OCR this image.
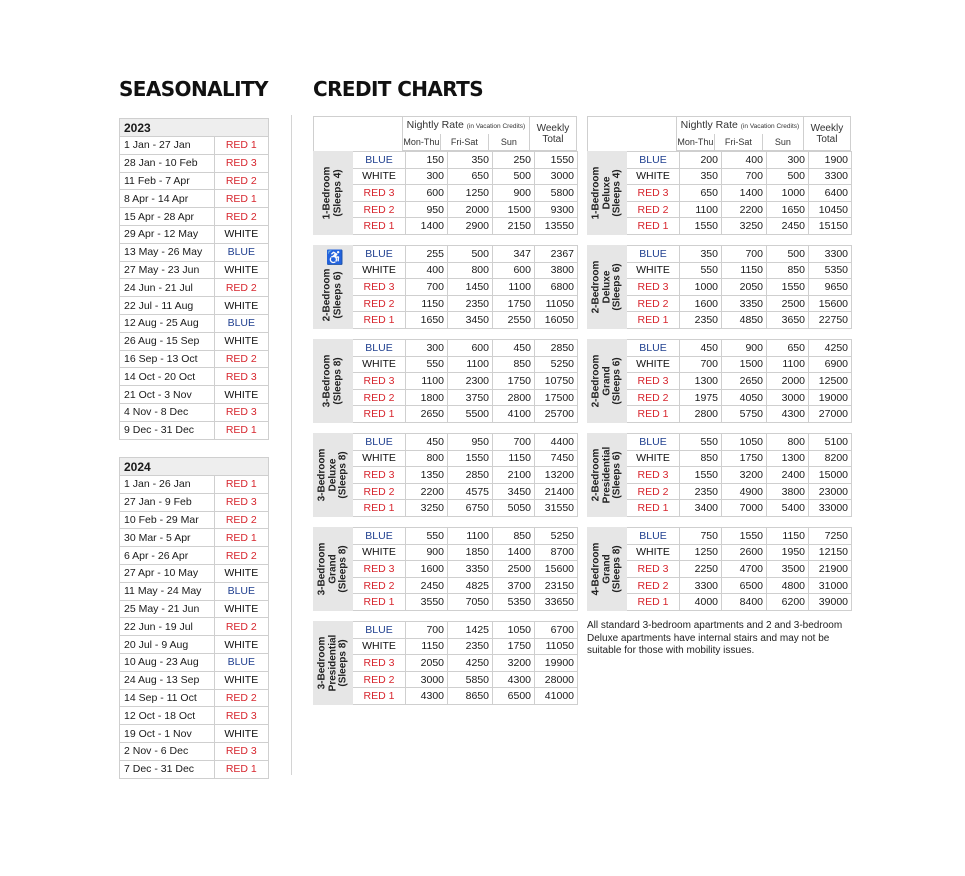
SEASONALITY CREDIT CHARTS
2023	
1 Jan - 27 Jan	RED 1
28 Jan - 10 Feb	RED 3
11 Feb - 7 Apr	RED 2
8 Apr - 14 Apr	RED 1
15 Apr - 28 Apr	RED 2
29 Apr - 12 May	WHITE
13 May - 26 May	BLUE
27 May - 23 Jun	WHITE
24 Jun - 21 Jul	RED 2
22 Jul - 11 Aug	WHITE
12 Aug - 25 Aug	BLUE
26 Aug - 15 Sep	WHITE
16 Sep - 13 Oct	RED 2
14 Oct - 20 Oct	RED 3
21 Oct - 3 Nov	WHITE
4 Nov - 8 Dec	RED 3
9 Dec - 31 Dec	RED 1
2024	
1 Jan - 26 Jan	RED 1
27 Jan - 9 Feb	RED 3
10 Feb - 29 Mar	RED 2
30 Mar - 5 Apr	RED 1
6 Apr - 26 Apr	RED 2
27 Apr - 10 May	WHITE
11 May - 24 May	BLUE
25 May - 21 Jun	WHITE
22 Jun - 19 Jul	RED 2
20 Jul - 9 Aug	WHITE
10 Aug - 23 Aug	BLUE
24 Aug - 13 Sep	WHITE
14 Sep - 11 Oct	RED 2
12 Oct - 18 Oct	RED 3
19 Oct - 1 Nov	WHITE
2 Nov - 6 Dec	RED 3
7 Dec - 31 Dec	RED 1
	Nightly Rate (in Vacation Credits)			Weekly
Total
	Mon-Thu	Fri-Sat	Sun	
	Nightly Rate (in Vacation Credits)			Weekly
Total
	Mon-Thu	Fri-Sat	Sun	
1-Bedroom
(Sleeps 4)	BLUE	150	350	250	1550
	WHITE	300	650	500	3000
	RED 3	600	1250	900	5800
	RED 2	950	2000	1500	9300
	RED 1	1400	2900	2150	13550
♿
2-Bedroom
(Sleeps 6)	BLUE	255	500	347	2367
	WHITE	400	800	600	3800
	RED 3	700	1450	1100	6800
	RED 2	1150	2350	1750	11050
	RED 1	1650	3450	2550	16050
3-Bedroom
(Sleeps 8)	BLUE	300	600	450	2850
	WHITE	550	1100	850	5250
	RED 3	1100	2300	1750	10750
	RED 2	1800	3750	2800	17500
	RED 1	2650	5500	4100	25700
3-Bedroom
Deluxe
(Sleeps 8)	BLUE	450	950	700	4400
	WHITE	800	1550	1150	7450
	RED 3	1350	2850	2100	13200
	RED 2	2200	4575	3450	21400
	RED 1	3250	6750	5050	31550
3-Bedroom
Grand
(Sleeps 8)	BLUE	550	1100	850	5250
	WHITE	900	1850	1400	8700
	RED 3	1600	3350	2500	15600
	RED 2	2450	4825	3700	23150
	RED 1	3550	7050	5350	33650
3-Bedroom
Presidential
(Sleeps 8)	BLUE	700	1425	1050	6700
	WHITE	1150	2350	1750	11050
	RED 3	2050	4250	3200	19900
	RED 2	3000	5850	4300	28000
	RED 1	4300	8650	6500	41000
1-Bedroom
Deluxe
(Sleeps 4)	BLUE	200	400	300	1900
	WHITE	350	700	500	3300
	RED 3	650	1400	1000	6400
	RED 2	1100	2200	1650	10450
	RED 1	1550	3250	2450	15150
2-Bedroom
Deluxe
(Sleeps 6)	BLUE	350	700	500	3300
	WHITE	550	1150	850	5350
	RED 3	1000	2050	1550	9650
	RED 2	1600	3350	2500	15600
	RED 1	2350	4850	3650	22750
2-Bedroom
Grand
(Sleeps 6)	BLUE	450	900	650	4250
	WHITE	700	1500	1100	6900
	RED 3	1300	2650	2000	12500
	RED 2	1975	4050	3000	19000
	RED 1	2800	5750	4300	27000
2-Bedroom
Presidential
(Sleeps 6)	BLUE	550	1050	800	5100
	WHITE	850	1750	1300	8200
	RED 3	1550	3200	2400	15000
	RED 2	2350	4900	3800	23000
	RED 1	3400	7000	5400	33000
4-Bedroom
Grand
(Sleeps 8)	BLUE	750	1550	1150	7250
	WHITE	1250	2600	1950	12150
	RED 3	2250	4700	3500	21900
	RED 2	3300	6500	4800	31000
	RED 1	4000	8400	6200	39000

All standard 3-bedroom apartments and 2 and 3-bedroom Deluxe apartments have internal stairs and may not be suitable for those with mobility issues.
